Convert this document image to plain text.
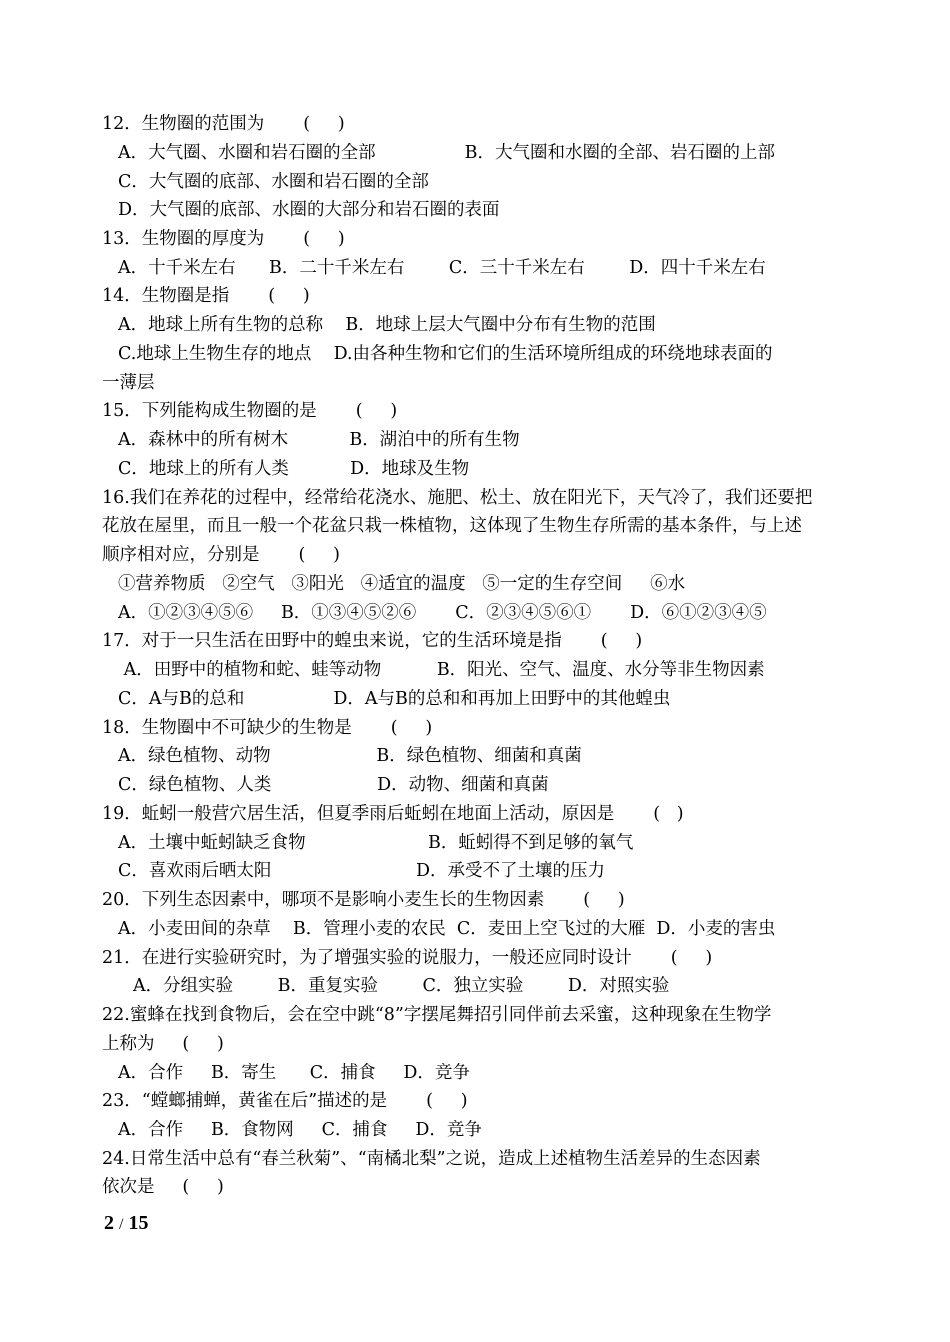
12．生物圈的范围为       (     )
A．大气圈、水圈和岩石圈的全部                B．大气圈和水圈的全部、岩石圈的上部
C．大气圈的底部、水圈和岩石圈的全部
D．大气圈的底部、水圈的大部分和岩石圈的表面
13．生物圈的厚度为       (     )
A．十千米左右      B．二十千米左右        C．三十千米左右        D．四十千米左右
14．生物圈是指       (     )
A．地球上所有生物的总称    B．地球上层大气圈中分布有生物的范围
C.地球上生物生存的地点    D.由各种生物和它们的生活环境所组成的环绕地球表面的
一薄层
15．下列能构成生物圈的是       (     )
A．森林中的所有树木           B．湖泊中的所有生物
C．地球上的所有人类           D．地球及生物
16.我们在养花的过程中，经常给花浇水、施肥、松土、放在阳光下，天气冷了，我们还要把
花放在屋里，而且一般一个花盆只栽一株植物，这体现了生物生存所需的基本条件，与上述
顺序相对应，分别是       (     )
①营养物质   ②空气   ③阳光   ④适宜的温度   ⑤一定的生存空间     ⑥水
A．①②③④⑤⑥     B．①③④⑤②⑥       C．②③④⑤⑥①       D．⑥①②③④⑤
17．对于一只生活在田野中的蝗虫来说，它的生活环境是指       (     )
A．田野中的植物和蛇、蛙等动物          B．阳光、空气、温度、水分等非生物因素
C．A与B的总和                D．A与B的总和和再加上田野中的其他蝗虫
18．生物圈中不可缺少的生物是       (     )
A．绿色植物、动物                   B．绿色植物、细菌和真菌
C．绿色植物、人类                   D．动物、细菌和真菌
19．蚯蚓一般营穴居生活，但夏季雨后蚯蚓在地面上活动，原因是       (   )
A．土壤中蚯蚓缺乏食物                      B．蚯蚓得不到足够的氧气
C．喜欢雨后晒太阳                          D．承受不了土壤的压力
20．下列生态因素中，哪项不是影响小麦生长的生物因素       (     )
A．小麦田间的杂草    B．管理小麦的农民  C．麦田上空飞过的大雁  D．小麦的害虫
21．在进行实验研究时，为了增强实验的说服力，一般还应同时设计       (     )
A．分组实验        B．重复实验        C．独立实验        D．对照实验
22.蜜蜂在找到食物后，会在空中跳“8”字摆尾舞招引同伴前去采蜜，这种现象在生物学
上称为     (     )
A．合作     B．寄生      C．捕食     D．竞争
23．“螳螂捕蝉，黄雀在后”描述的是       (     )
A．合作     B．食物网     C．捕食     D．竞争
24.日常生活中总有“春兰秋菊”、“南橘北梨”之说，造成上述植物生活差异的生态因素
依次是     (     )
2 / 15
